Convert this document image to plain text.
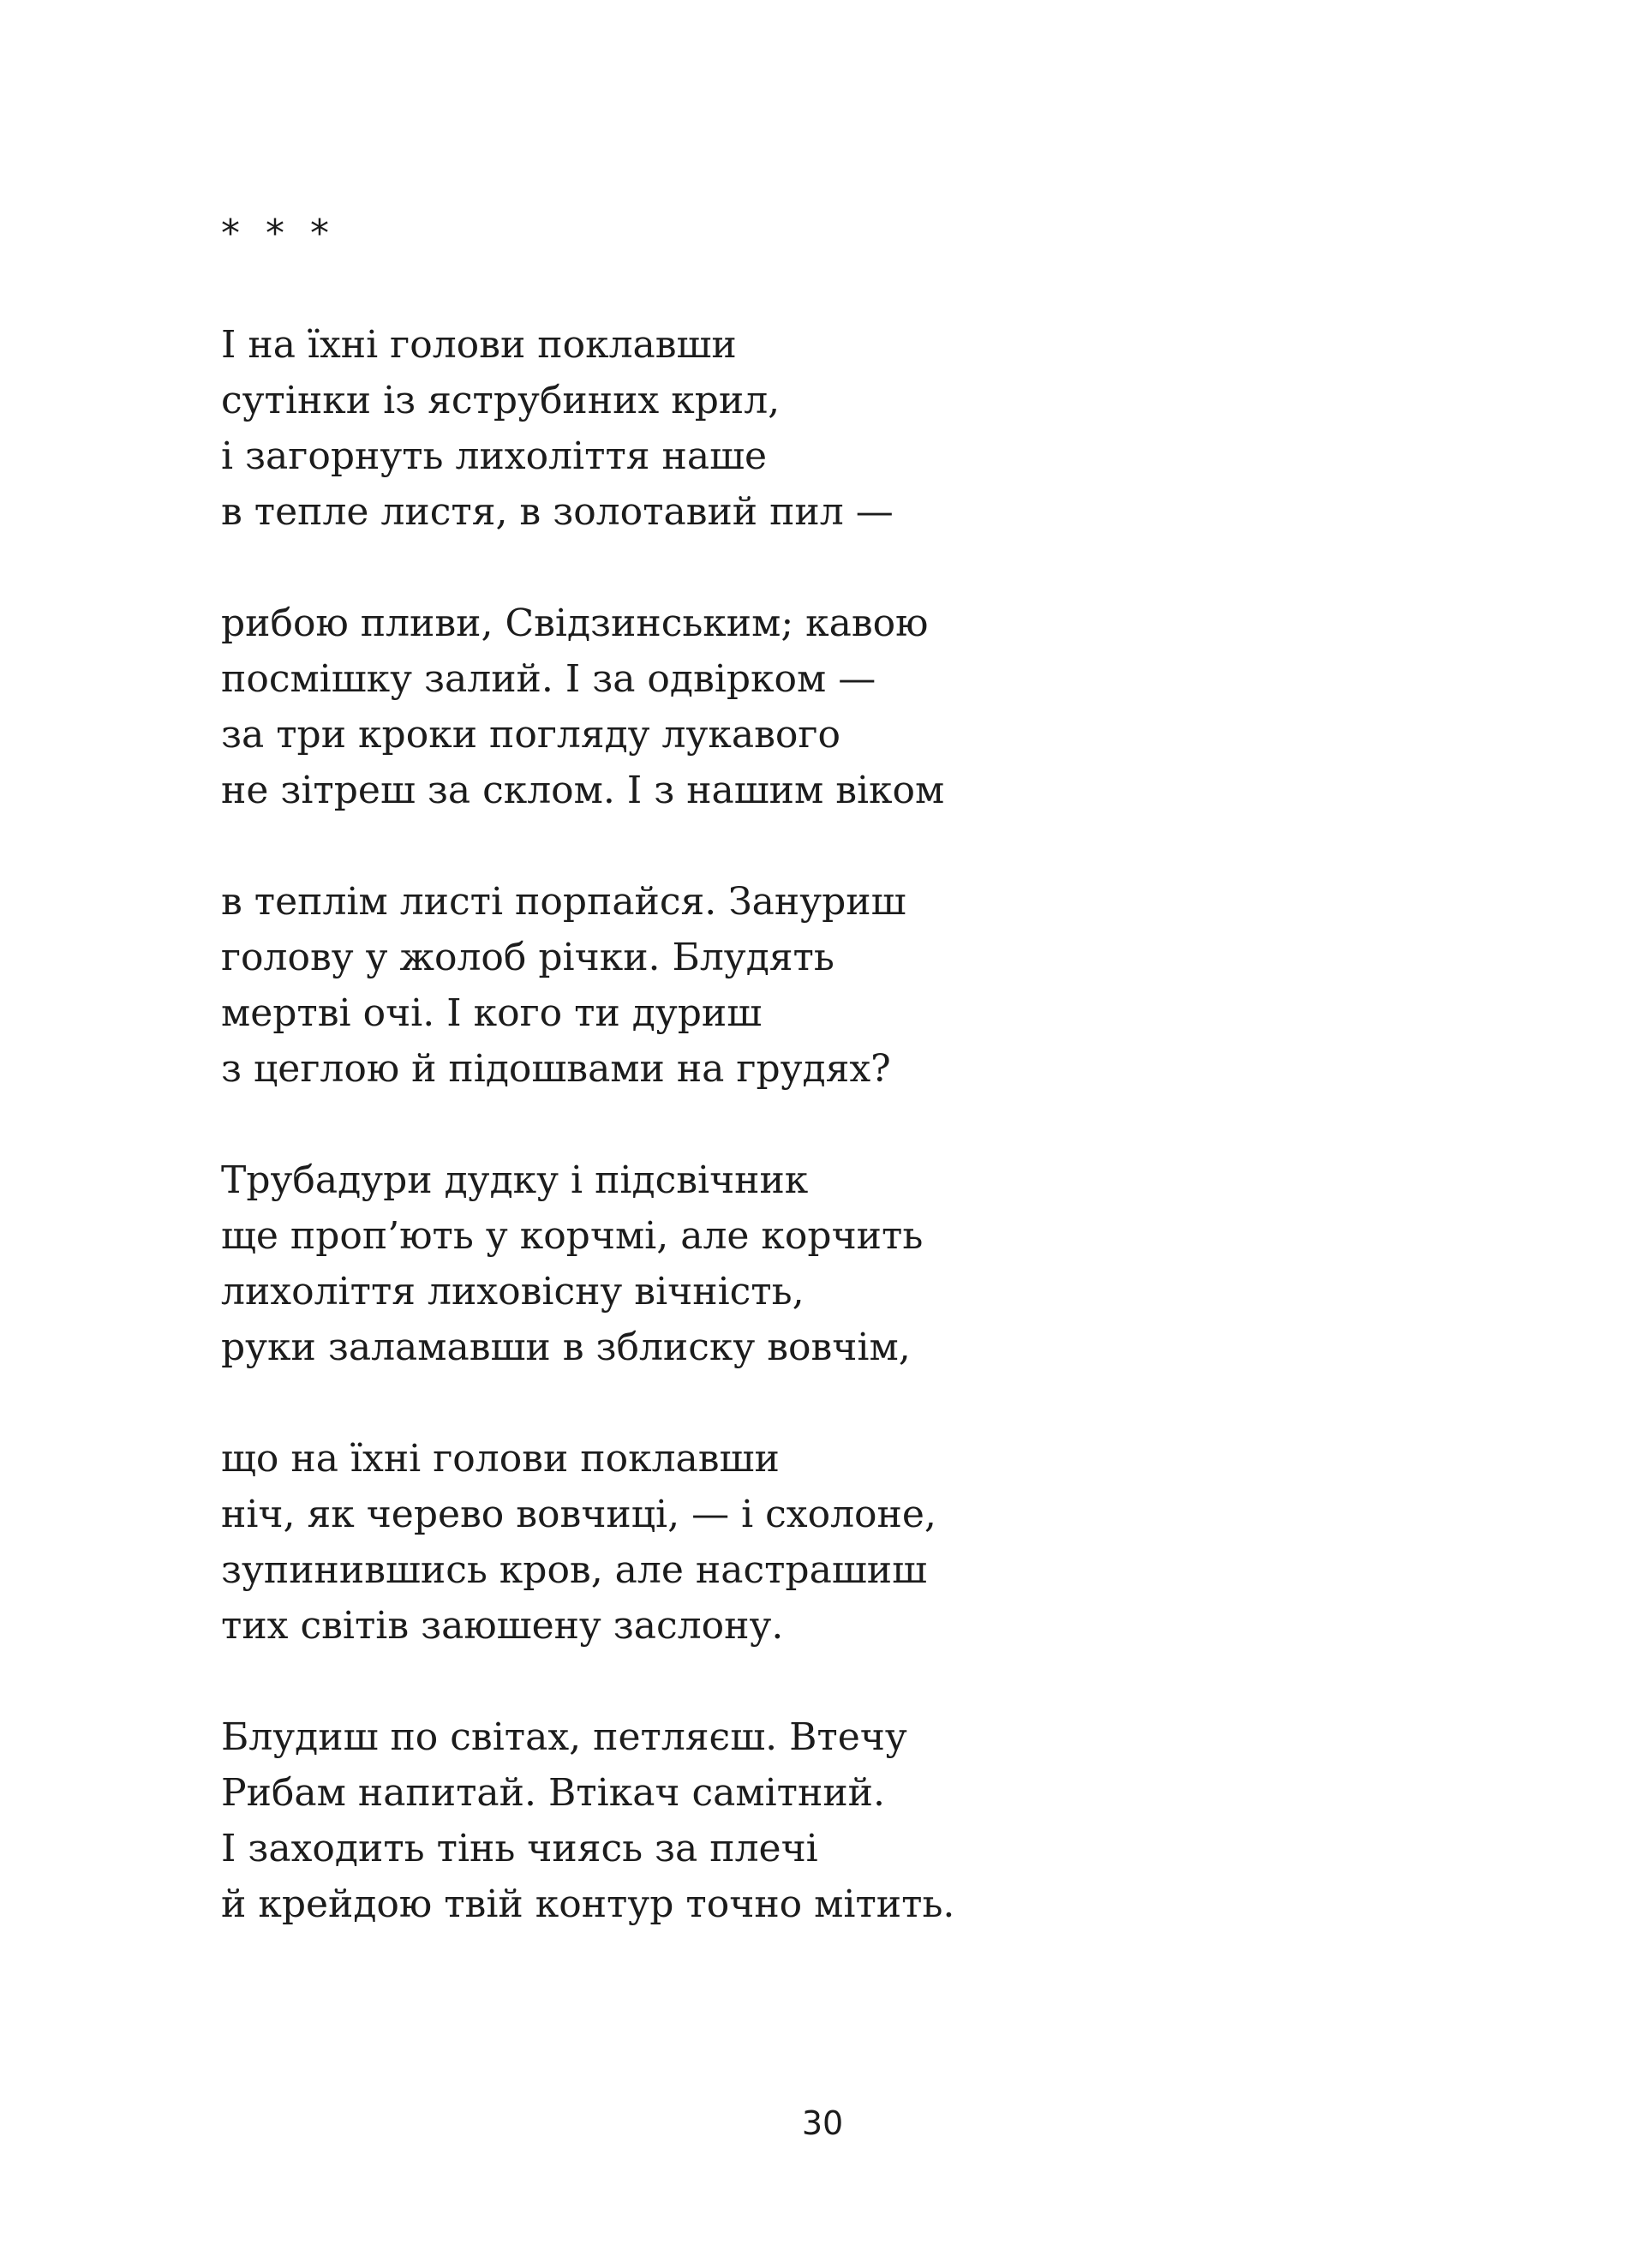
* * *
І на їхні голови поклавши
сутінки із яструбиних крил,
і загорнуть лихоліття наше
в тепле листя, в золотавий пил —
рибою пливи, Свідзинським; кавою
посмішку залий. І за одвірком —
за три кроки погляду лукавого
не зітреш за склом. І з нашим віком
в теплім листі порпайся. Зануриш
голову у жолоб річки. Блудять
мертві очі. І кого ти дуриш
з цеглою й підошвами на грудях?
Трубадури дудку і підсвічник
ще проп’ють у корчмі, але корчить
лихоліття лиховісну вічність,
руки заламавши в зблиску вовчім,
що на їхні голови поклавши
ніч, як черево вовчиці, — і схолоне,
зупинившись кров, але настрашиш
тих світів заюшену заслону.
Блудиш по світах, петляєш. Втечу
Рибам напитай. Втікач самітний.
І заходить тінь чиясь за плечі
й крейдою твій контур точно мітить.
30
